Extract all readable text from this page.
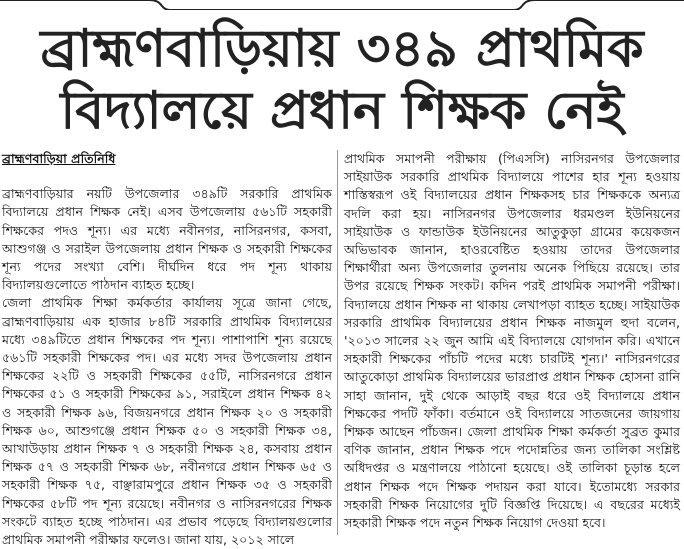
ব্রাহ্মণবাড়িয়ায় ৩৪৯ প্রাথমিক
বিদ্যালয়ে প্রধান শিক্ষক নেই
ব্রাহ্মণবাড়িয়া প্রতিনিধি

ব্রাহ্মণবাড়িয়ার নয়টি উপজেলার ৩৪৯টি সরকারি প্রাথমিক বিদ্যালয়ে প্রধান শিক্ষক নেই। এসব উপজেলায় ৫৬১টি সহকারী শিক্ষকের পদও শূন্য। এর মধ্যে নবীনগর, নাসিরনগর, কসবা, আশুগঞ্জ ও সরাইল উপজেলায় প্রধান শিক্ষক ও সহকারী শিক্ষকের শূন্য পদের সংখ্যা বেশি। দীর্ঘদিন ধরে পদ শূন্য থাকায় বিদ্যালয়গুলোতে পাঠদান ব্যাহত হচ্ছে।

জেলা প্রাথমিক শিক্ষা কর্মকর্তার কার্যালয় সূত্রে জানা গেছে, ব্রাহ্মণবাড়িয়ায় এক হাজার ৮৪টি সরকারি প্রাথমিক বিদ্যালয়ের মধ্যে ৩৪৯টিতে প্রধান শিক্ষকের পদ শূন্য। পাশাপাশি শূন্য রয়েছে ৫৬১টি সহকারী শিক্ষকের পদ। এর মধ্যে সদর উপজেলায় প্রধান শিক্ষকের ২২টি ও সহকারী শিক্ষকের ৫৫টি, নাসিরনগরে প্রধান শিক্ষকের ৫১ ও সহকারী শিক্ষকের ৯১, সরাইলে প্রধান শিক্ষক ৪২ ও সহকারী শিক্ষক ৯৬, বিজয়নগরে প্রধান শিক্ষক ২০ ও সহকারী শিক্ষক ৬০, আশুগঞ্জে প্রধান শিক্ষক ৫০ ও সহকারী শিক্ষক ৩৪, আখাউড়ায় প্রধান শিক্ষক ৭ ও সহকারী শিক্ষক ২৪, কসবায় প্রধান শিক্ষক ৫৭ ও সহকারী শিক্ষক ৬৮, নবীনগরে প্রধান শিক্ষক ৬৫ ও সহকারী শিক্ষক ৭৫, বাঞ্ছারামপুরে প্রধান শিক্ষক ৩৫ ও সহকারী শিক্ষকের ৫৮টি পদ শূন্য রয়েছে। নবীনগর ও নাসিরনগরের শিক্ষক সংকটে ব্যাহত হচ্ছে পাঠদান। এর প্রভাব পড়েছে বিদ্যালয়গুলোর প্রাথমিক সমাপনী পরীক্ষার ফলেও। জানা যায়, ২০১২ সালে

প্রাথমিক সমাপনী পরীক্ষায় (পিএসসি) নাসিরনগর উপজেলার সাইয়াউক সরকারি প্রাথমিক বিদ্যালয়ে পাশের হার শূন্য হওয়ায় শাস্তিস্বরূপ ওই বিদ্যালয়ের প্রধান শিক্ষকসহ চার শিক্ষককে অন্যত্র বদলি করা হয়। নাসিরনগর উপজেলার ধরমণ্ডল ইউনিয়নের সাইয়াউক ও ফান্ডাউক ইউনিয়নের আতুকুড়া গ্রামের কয়েকজন অভিভাবক জানান, হাওরবেষ্টিত হওয়ায় তাদের উপজেলার শিক্ষার্থীরা অন্য উপজেলার তুলনায় অনেক পিছিয়ে রয়েছে। তার উপর রয়েছে শিক্ষক সংকট। কদিন পরই প্রাথমিক সমাপনী পরীক্ষা। বিদ্যালয়ে প্রধান শিক্ষক না থাকায় লেখাপড়া ব্যাহত হচ্ছে। সাইয়াউক সরকারি প্রাথমিক বিদ্যালয়ের প্রধান শিক্ষক নাজমুল হুদা বলেন, '২০১৩ সালের ২২ জুন আমি এই বিদ্যালয়ে যোগদান করি। এখানে সহকারী শিক্ষকের পাঁচটি পদের মধ্যে চারটিই শূন্য।' নাসিরনগরের আতুকোড়া প্রাথমিক বিদ্যালয়ের ভারপ্রাপ্ত প্রধান শিক্ষক হোসনা রানি সাহা জানান, দুই থেকে আড়াই বছর ধরে ওই বিদ্যালয়ে প্রধান শিক্ষকের পদটি ফাঁকা। বর্তমানে ওই বিদ্যালয়ে সাতজনের জায়গায় শিক্ষক আছেন পাঁচজন। জেলা প্রাথমিক শিক্ষা কর্মকর্তা সুব্রত কুমার বণিক জানান, প্রধান শিক্ষক পদে পদোন্নতির জন্য তালিকা সংশ্লিষ্ট অধিদপ্তর ও মন্ত্রণালয়ে পাঠানো হয়েছে। ওই তালিকা চূড়ান্ত হলে প্রধান শিক্ষক পদে শিক্ষক পদায়ন করা যাবে। ইতোমধ্যে সরকার সহকারী শিক্ষক নিয়োগের দুটি বিজ্ঞপ্তি দিয়েছে। এ বছরের মধ্যেই সহকারী শিক্ষক পদে নতুন শিক্ষক নিয়োগ দেওয়া হবে।
